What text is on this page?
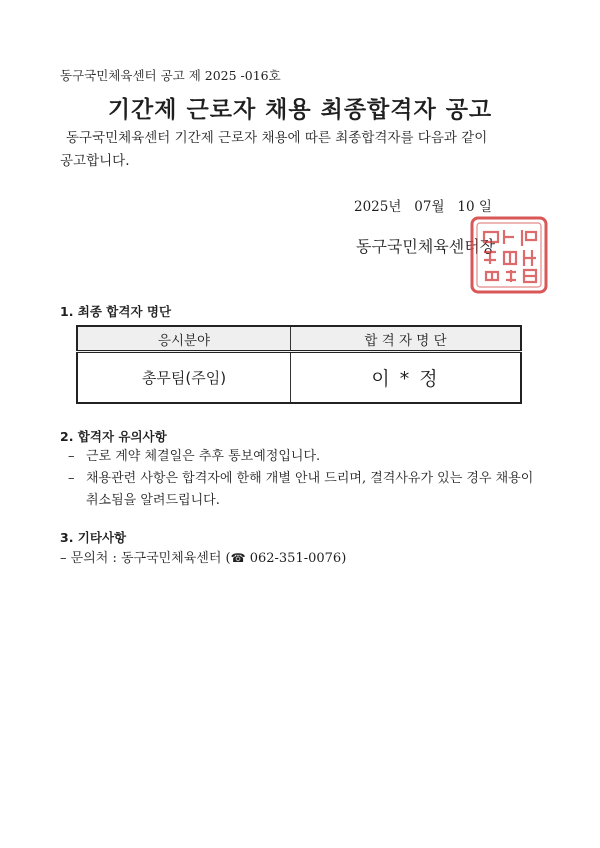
동구국민체육센터 공고 제 2025 -016호
기간제 근로자 채용 최종합격자 공고
동구국민체육센터 기간제 근로자 채용에 따른 최종합격자를 다음과 같이
공고합니다.
2025년   07월   10 일
동구국민체육센터장
1. 최종 합격자 명단
응시분야	합 격 자 명 단
총무팀(주임)	이 * 정
2. 합격자 유의사항
– 근로 계약 체결일은 추후 통보예정입니다.
– 채용관련 사항은 합격자에 한해 개별 안내 드리며, 결격사유가 있는 경우 채용이 취소됨을 알려드립니다.
3. 기타사항
– 문의처 : 동구국민체육센터 (☎ 062-351-0076)
